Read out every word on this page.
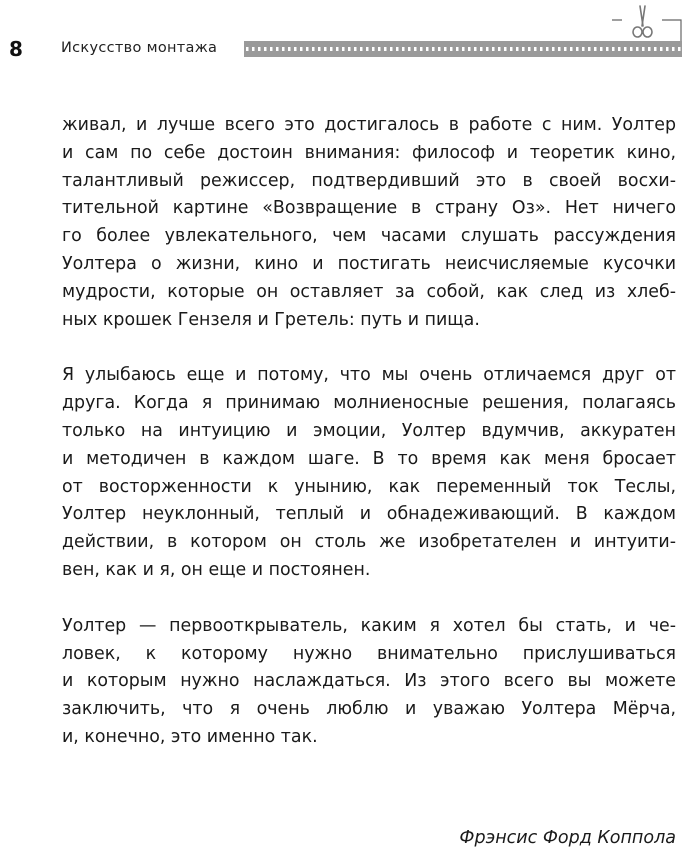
8	Искусство монтажа
живал, и лучше всего это достигалось в работе с ним. Уолтер
и сам по себе достоин внимания: философ и теоретик кино,
талантливый режиссер, подтвердивший это в своей восхи-
тительной картине «Возвращение в страну Оз». Нет ничего
го более увлекательного, чем часами слушать рассуждения
Уолтера о жизни, кино и постигать неисчисляемые кусочки
мудрости, которые он оставляет за собой, как след из хлеб-
ных крошек Гензеля и Гретель: путь и пища.
Я улыбаюсь еще и потому, что мы очень отличаемся друг от
друга. Когда я принимаю молниеносные решения, полагаясь
только на интуицию и эмоции, Уолтер вдумчив, аккуратен
и методичен в каждом шаге. В то время как меня бросает
от восторженности к унынию, как переменный ток Теслы,
Уолтер неуклонный, теплый и обнадеживающий. В каждом
действии, в котором он столь же изобретателен и интуити-
вен, как и я, он еще и постоянен.
Уолтер — первооткрыватель, каким я хотел бы стать, и че-
ловек, к которому нужно внимательно прислушиваться
и которым нужно наслаждаться. Из этого всего вы можете
заключить, что я очень люблю и уважаю Уолтера Мёрча,
и, конечно, это именно так.
Фрэнсис Форд Коппола
